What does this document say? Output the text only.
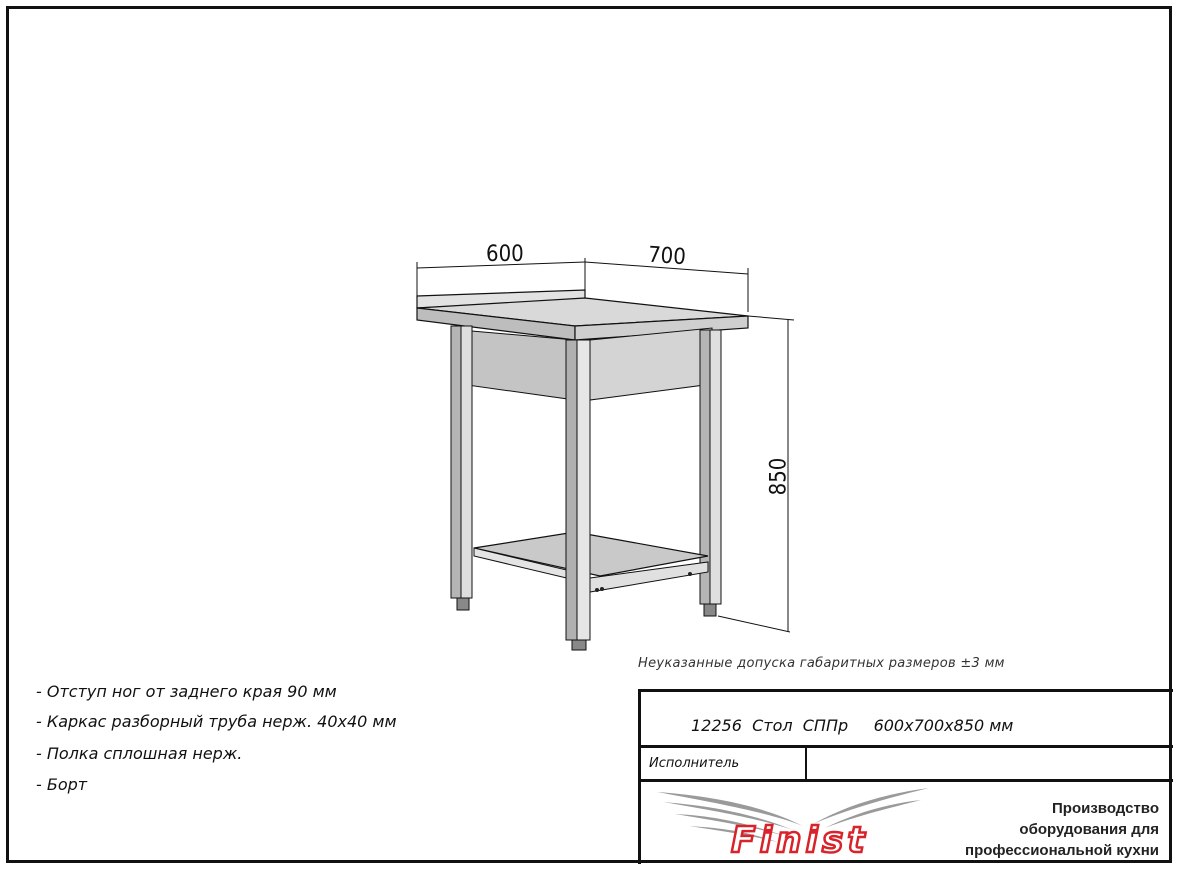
600	700
850
- Отступ ног от заднего края 90 мм
- Каркас разборный труба нерж. 40х40 мм
- Полка сплошная нерж.
- Борт
Неуказанные допуска габаритных размеров ±3 мм
12256  Стол  СППр     600х700х850 мм
Исполнитель
Finist
Производство
оборудования для
профессиональной кухни
